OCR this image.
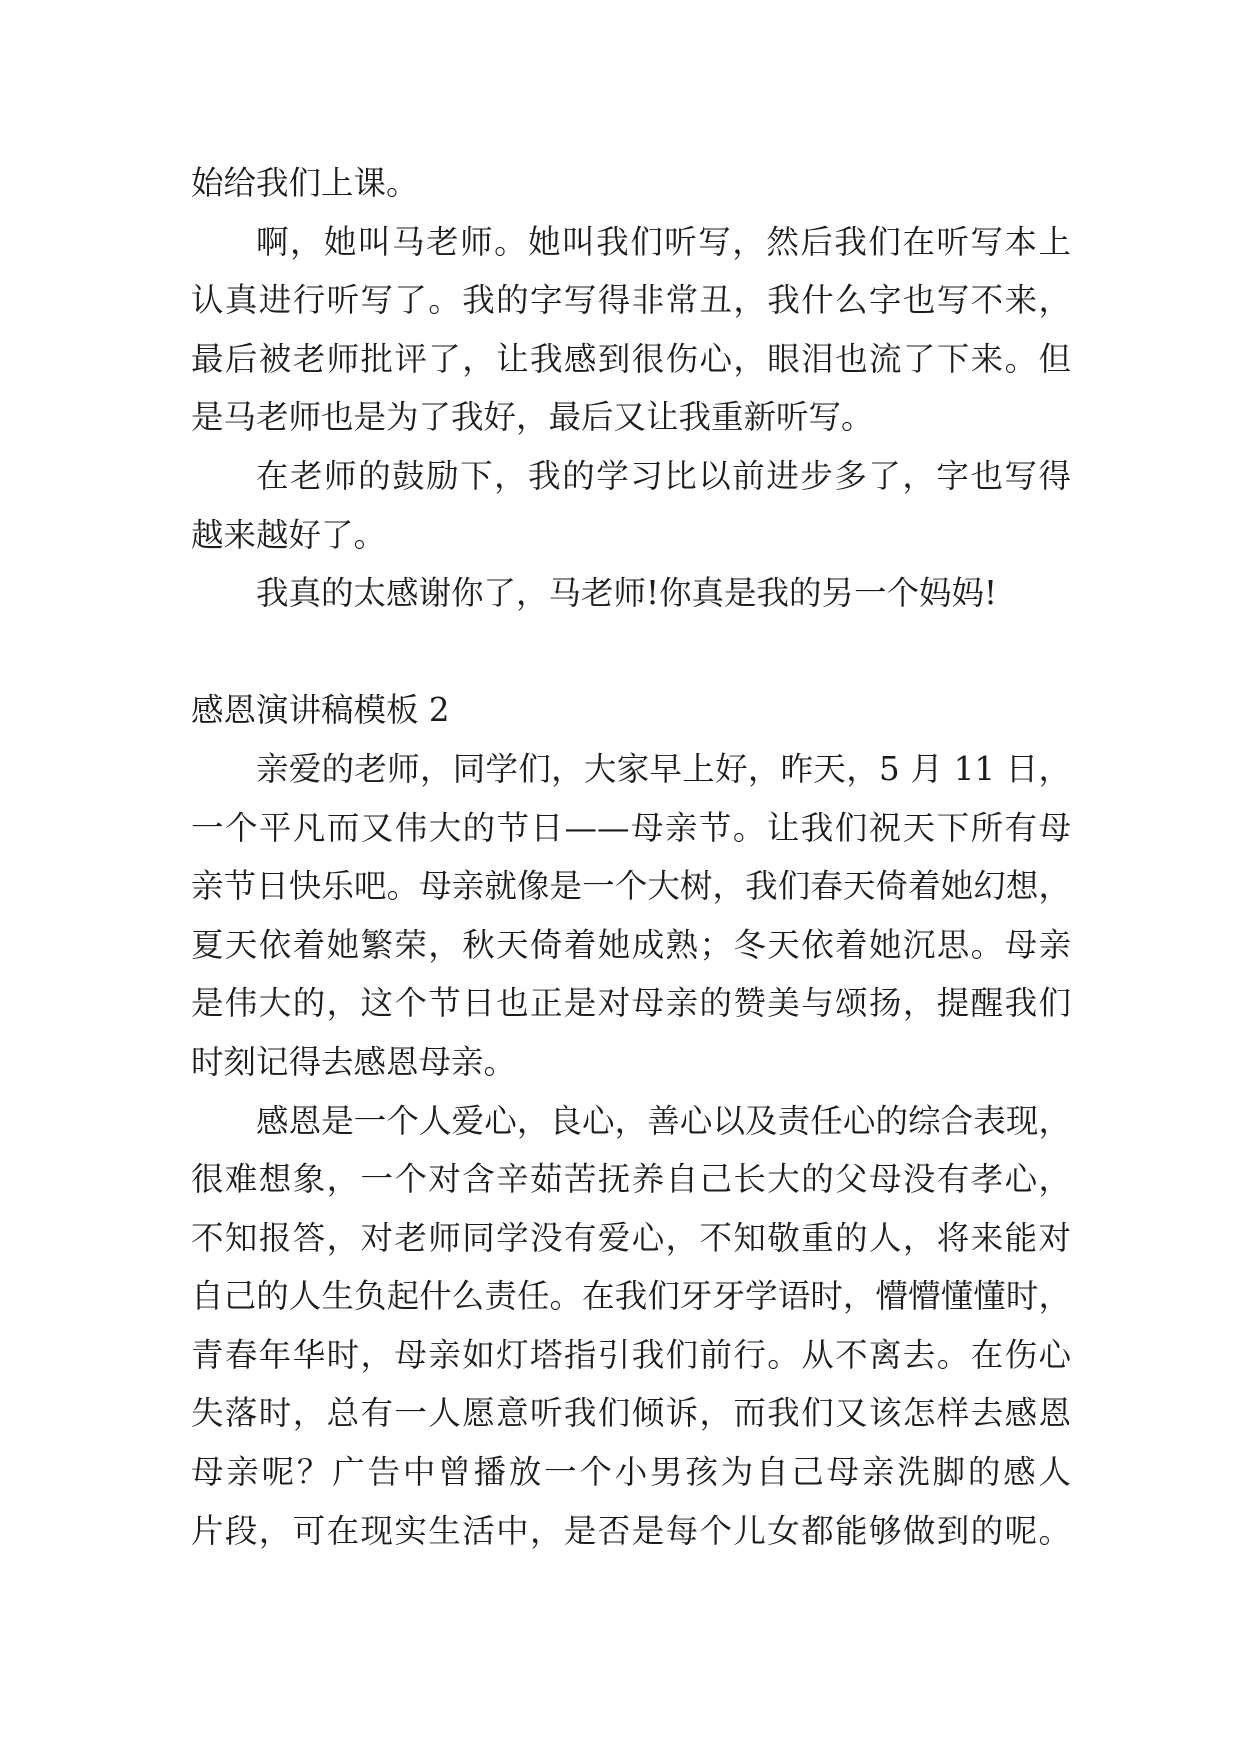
始给我们上课。
啊，她叫马老师。她叫我们听写，然后我们在听写本上
认真进行听写了。我的字写得非常丑，我什么字也写不来，
最后被老师批评了，让我感到很伤心，眼泪也流了下来。但
是马老师也是为了我好，最后又让我重新听写。
在老师的鼓励下，我的学习比以前进步多了，字也写得
越来越好了。
我真的太感谢你了，马老师!你真是我的另一个妈妈!
感恩演讲稿模板 2
亲爱的老师，同学们，大家早上好，昨天，5 月 11 日，
一个平凡而又伟大的节日——母亲节。让我们祝天下所有母
亲节日快乐吧。母亲就像是一个大树，我们春天倚着她幻想，
夏天依着她繁荣，秋天倚着她成熟；冬天依着她沉思。母亲
是伟大的，这个节日也正是对母亲的赞美与颂扬，提醒我们
时刻记得去感恩母亲。
感恩是一个人爱心，良心，善心以及责任心的综合表现，
很难想象，一个对含辛茹苦抚养自己长大的父母没有孝心，
不知报答，对老师同学没有爱心，不知敬重的人，将来能对
自己的人生负起什么责任。在我们牙牙学语时，懵懵懂懂时，
青春年华时，母亲如灯塔指引我们前行。从不离去。在伤心
失落时，总有一人愿意听我们倾诉，而我们又该怎样去感恩
母亲呢？广告中曾播放一个小男孩为自己母亲洗脚的感人
片段，可在现实生活中，是否是每个儿女都能够做到的呢。
